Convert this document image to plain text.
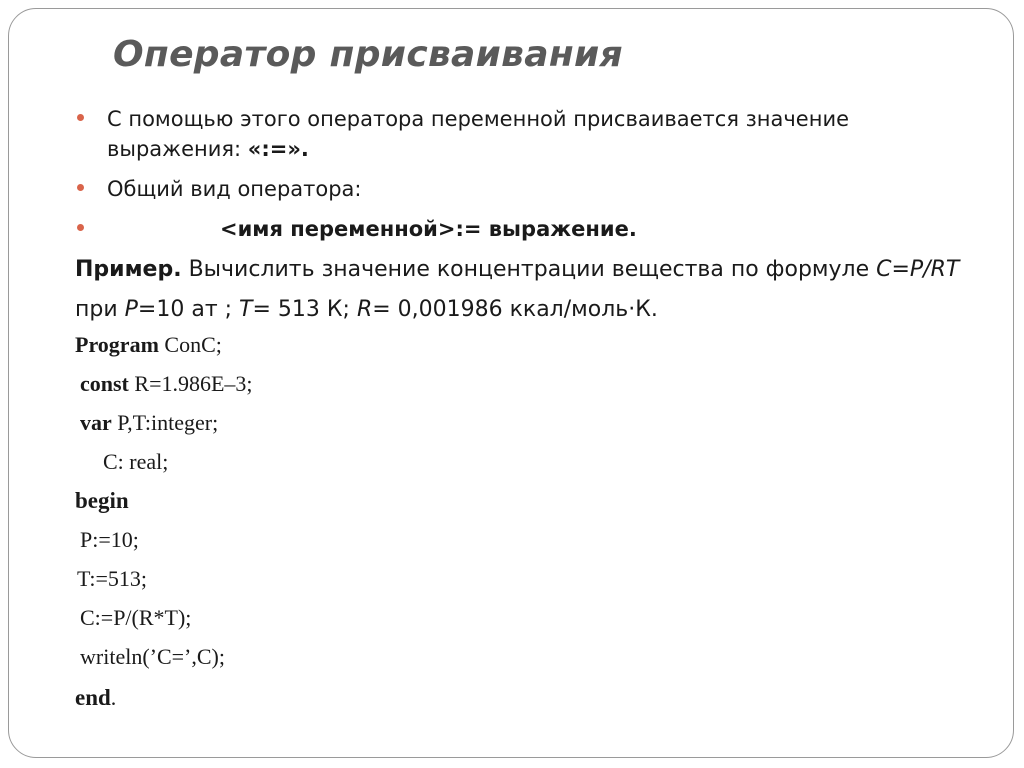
Оператор присваивания
С помощью этого оператора переменной присваивается значение выражения: «:=».
Общий вид оператора:
<имя переменной>:= выражение.
Пример. Вычислить значение концентрации вещества по формуле C=P/RT
при P=10 ат ; T= 513 К; R= 0,001986 ккал/моль·К.
Program ConC;
const R=1.986E–3;
var P,T:integer;
C: real;
begin
P:=10;
T:=513;
C:=P/(R*T);
writeln(’C=’,C);
end.
